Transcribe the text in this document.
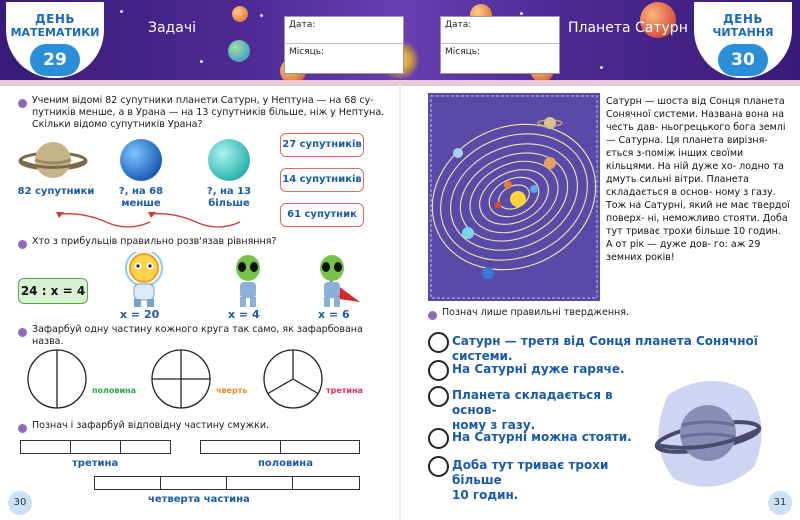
ДЕНЬ
МАТЕМАТИКИ
29
ДЕНЬ
ЧИТАННЯ
30
Задачі	Планета Сатурн
Дата:
Місяць:
Дата:
Місяць:
Ученим відомі 82 супутники планети Сатурн, у Нептуна — на 68 су-
путників менше, а в Урана — на 13 супутників більше, ніж у Нептуна.
Скільки відомо супутників Урана?
82 супутники	?, на 68
менше
?, на 13
більше
27 супутників
14 супутників
61 супутник
Хто з прибульців правильно розв'язав рівняння?
24 : x = 4
x = 20	x = 4	x = 6
Зафарбуй одну частину кожного круга так само, як зафарбована назва.
половина	чверть	третина
Познач і зафарбуй відповідну частину смужки.
третина	половина
четверта частина
30
Сатурн — шоста від Сонця планета Сонячної системи. Названа вона на честь дав- ньогрецького бога землі — Сатурна. Ця планета вирізня- ється з-поміж інших своїми кільцями. На ній дуже хо- лодно та дмуть сильні вітри. Планета складається в основ- ному з газу. Тож на Сатурні, який не має твердої поверх- ні, неможливо стояти. Доба тут триває трохи більше 10 годин. А от рік — дуже дов- го: аж 29 земних років!
Познач лише правильні твердження.
Сатурн — третя від Сонця планета Сонячної системи.
На Сатурні дуже гаряче.
Планета складається в основ-
ному з газу.
На Сатурні можна стояти.
Доба тут триває трохи більше
10 годин.
31
